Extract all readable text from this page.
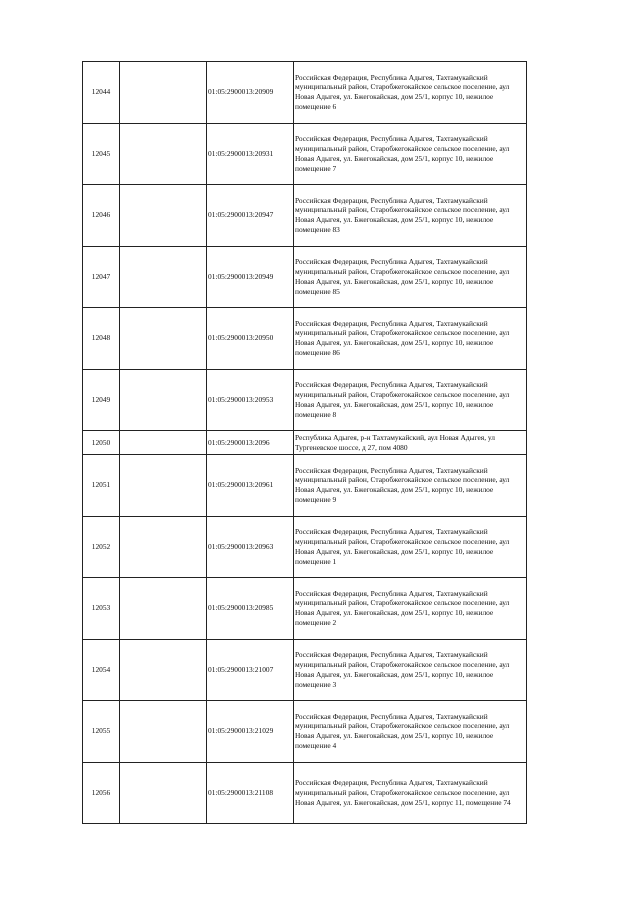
12044		01:05:2900013:20909	Российская Федерация, Республика Адыгея, Тахтамукайский муниципальный район, Старобжегокайское сельское поселение, аул Новая Адыгея, ул. Бжегокайская, дом 25/1, корпус 10, нежилое помещение 6
12045		01:05:2900013:20931	Российская Федерация, Республика Адыгея, Тахтамукайский муниципальный район, Старобжегокайское сельское поселение, аул Новая Адыгея, ул. Бжегокайская, дом 25/1, корпус 10, нежилое помещение 7
12046		01:05:2900013:20947	Российская Федерация, Республика Адыгея, Тахтамукайский муниципальный район, Старобжегокайское сельское поселение, аул Новая Адыгея, ул. Бжегокайская, дом 25/1, корпус 10, нежилое помещение 83
12047		01:05:2900013:20949	Российская Федерация, Республика Адыгея, Тахтамукайский муниципальный район, Старобжегокайское сельское поселение, аул Новая Адыгея, ул. Бжегокайская, дом 25/1, корпус 10, нежилое помещение 85
12048		01:05:2900013:20950	Российская Федерация, Республика Адыгея, Тахтамукайский муниципальный район, Старобжегокайское сельское поселение, аул Новая Адыгея, ул. Бжегокайская, дом 25/1, корпус 10, нежилое помещение 86
12049		01:05:2900013:20953	Российская Федерация, Республика Адыгея, Тахтамукайский муниципальный район, Старобжегокайское сельское поселение, аул Новая Адыгея, ул. Бжегокайская, дом 25/1, корпус 10, нежилое помещение 8
12050		01:05:2900013:2096	Республика Адыгея, р-н Тахтамукайский, аул Новая Адыгея, ул Тургеневское шоссе, д 27, пом 4080
12051		01:05:2900013:20961	Российская Федерация, Республика Адыгея, Тахтамукайский муниципальный район, Старобжегокайское сельское поселение, аул Новая Адыгея, ул. Бжегокайская, дом 25/1, корпус 10, нежилое помещение 9
12052		01:05:2900013:20963	Российская Федерация, Республика Адыгея, Тахтамукайский муниципальный район, Старобжегокайское сельское поселение, аул Новая Адыгея, ул. Бжегокайская, дом 25/1, корпус 10, нежилое помещение 1
12053		01:05:2900013:20985	Российская Федерация, Республика Адыгея, Тахтамукайский муниципальный район, Старобжегокайское сельское поселение, аул Новая Адыгея, ул. Бжегокайская, дом 25/1, корпус 10, нежилое помещение 2
12054		01:05:2900013:21007	Российская Федерация, Республика Адыгея, Тахтамукайский муниципальный район, Старобжегокайское сельское поселение, аул Новая Адыгея, ул. Бжегокайская, дом 25/1, корпус 10, нежилое помещение 3
12055		01:05:2900013:21029	Российская Федерация, Республика Адыгея, Тахтамукайский муниципальный район, Старобжегокайское сельское поселение, аул Новая Адыгея, ул. Бжегокайская, дом 25/1, корпус 10, нежилое помещение 4
12056		01:05:2900013:21108	Российская Федерация, Республика Адыгея, Тахтамукайский муниципальный район, Старобжегокайское сельское поселение, аул Новая Адыгея, ул. Бжегокайская, дом 25/1, корпус 11, помещение 74
